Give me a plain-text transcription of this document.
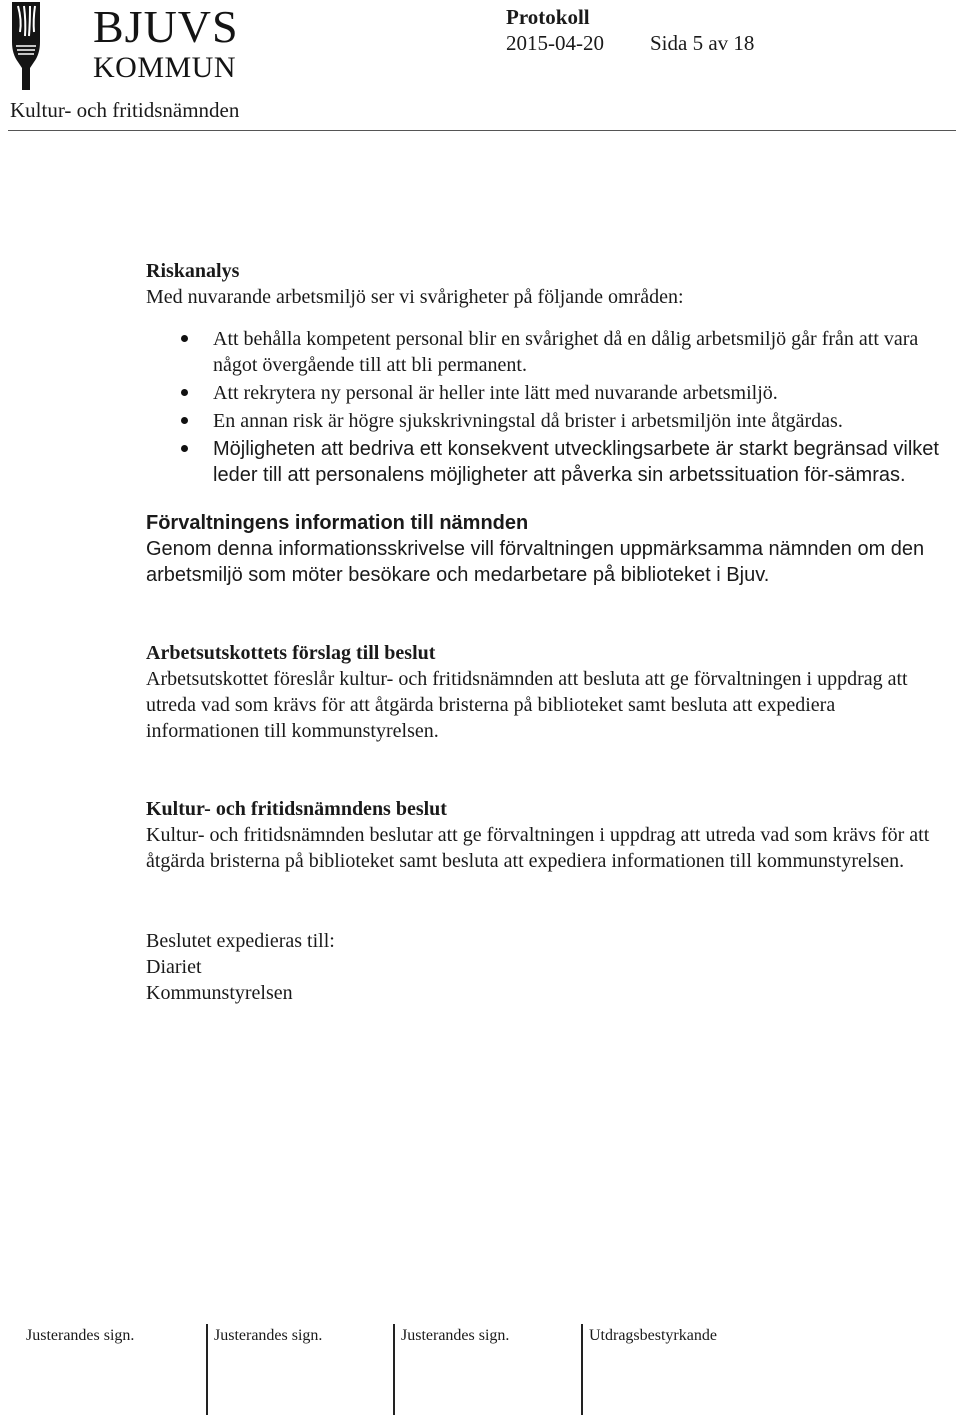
BJUVS
KOMMUN
Protokoll
2015-04-20 Sida 5 av 18
Kultur- och fritidsnämnden
Riskanalys

Med nuvarande arbetsmiljö ser vi svårigheter på följande områden:

Att behålla kompetent personal blir en svårighet då en dålig arbetsmiljö går från att vara något övergående till att bli permanent.
Att rekrytera ny personal är heller inte lätt med nuvarande arbetsmiljö.
En annan risk är högre sjukskrivningstal då brister i arbetsmiljön inte åtgärdas.
Möjligheten att bedriva ett konsekvent utvecklingsarbete är starkt begränsad vilket leder till att personalens möjligheter att påverka sin arbetssituation för-sämras.
Förvaltningens information till nämnden

Genom denna informationsskrivelse vill förvaltningen uppmärksamma nämnden om den arbetsmiljö som möter besökare och medarbetare på biblioteket i Bjuv.

Arbetsutskottets förslag till beslut

Arbetsutskottet föreslår kultur- och fritidsnämnden att besluta att ge förvaltningen i uppdrag att utreda vad som krävs för att åtgärda bristerna på biblioteket samt besluta att expediera informationen till kommunstyrelsen.

Kultur- och fritidsnämndens beslut

Kultur- och fritidsnämnden beslutar att ge förvaltningen i uppdrag att utreda vad som krävs för att åtgärda bristerna på biblioteket samt besluta att expediera informationen till kommunstyrelsen.

Beslutet expedieras till:

Diariet

Kommunstyrelsen

Justerandes sign.	Justerandes sign.	Justerandes sign.	Utdragsbestyrkande
